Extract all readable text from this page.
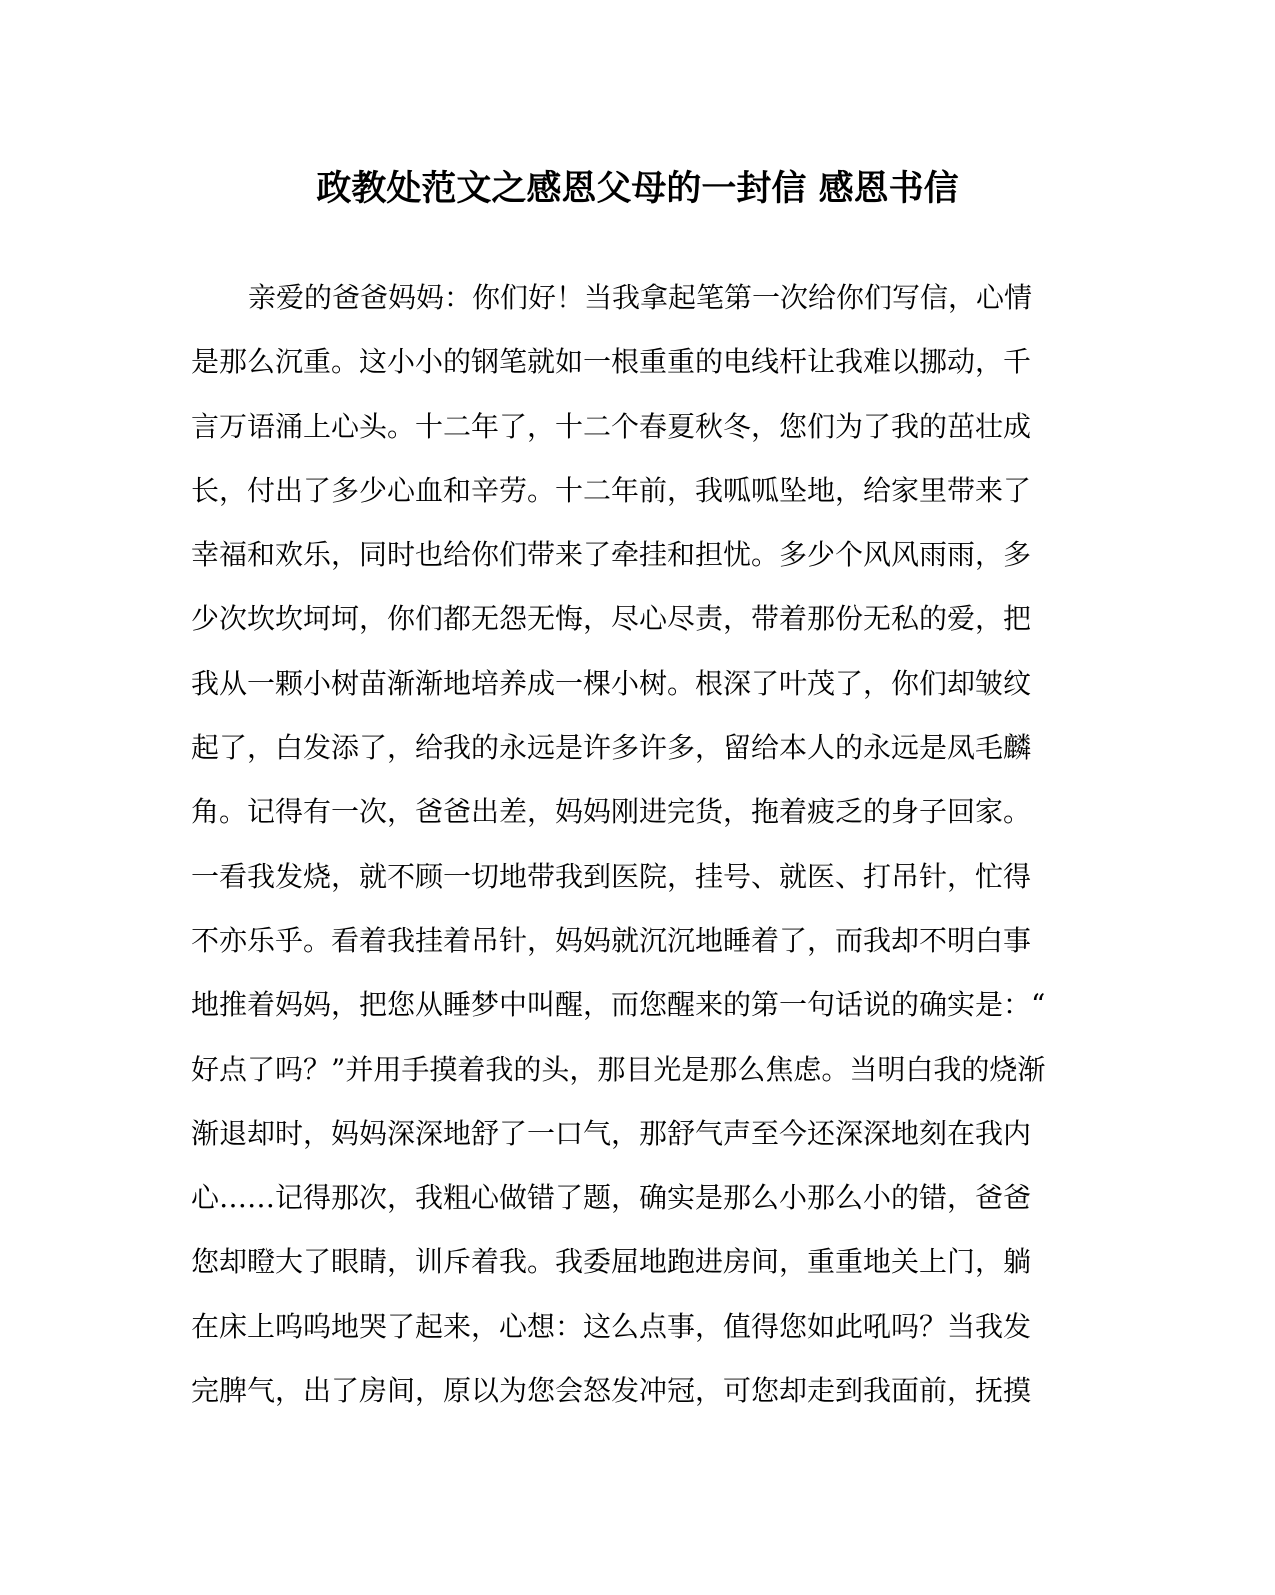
政教处范文之感恩父母的一封信 感恩书信
亲爱的爸爸妈妈：你们好！当我拿起笔第一次给你们写信，心情
是那么沉重。这小小的钢笔就如一根重重的电线杆让我难以挪动，千
言万语涌上心头。十二年了，十二个春夏秋冬，您们为了我的茁壮成
长，付出了多少心血和辛劳。十二年前，我呱呱坠地，给家里带来了
幸福和欢乐，同时也给你们带来了牵挂和担忧。多少个风风雨雨，多
少次坎坎坷坷，你们都无怨无悔，尽心尽责，带着那份无私的爱，把
我从一颗小树苗渐渐地培养成一棵小树。根深了叶茂了，你们却皱纹
起了，白发添了，给我的永远是许多许多，留给本人的永远是凤毛麟
角。记得有一次，爸爸出差，妈妈刚进完货，拖着疲乏的身子回家。
一看我发烧，就不顾一切地带我到医院，挂号、就医、打吊针，忙得
不亦乐乎。看着我挂着吊针，妈妈就沉沉地睡着了，而我却不明白事
地推着妈妈，把您从睡梦中叫醒，而您醒来的第一句话说的确实是：“
好点了吗？”并用手摸着我的头，那目光是那么焦虑。当明白我的烧渐
渐退却时，妈妈深深地舒了一口气，那舒气声至今还深深地刻在我内
心……记得那次，我粗心做错了题，确实是那么小那么小的错，爸爸
您却瞪大了眼睛，训斥着我。我委屈地跑进房间，重重地关上门，躺
在床上呜呜地哭了起来，心想：这么点事，值得您如此吼吗？当我发
完脾气，出了房间，原以为您会怒发冲冠，可您却走到我面前，抚摸
